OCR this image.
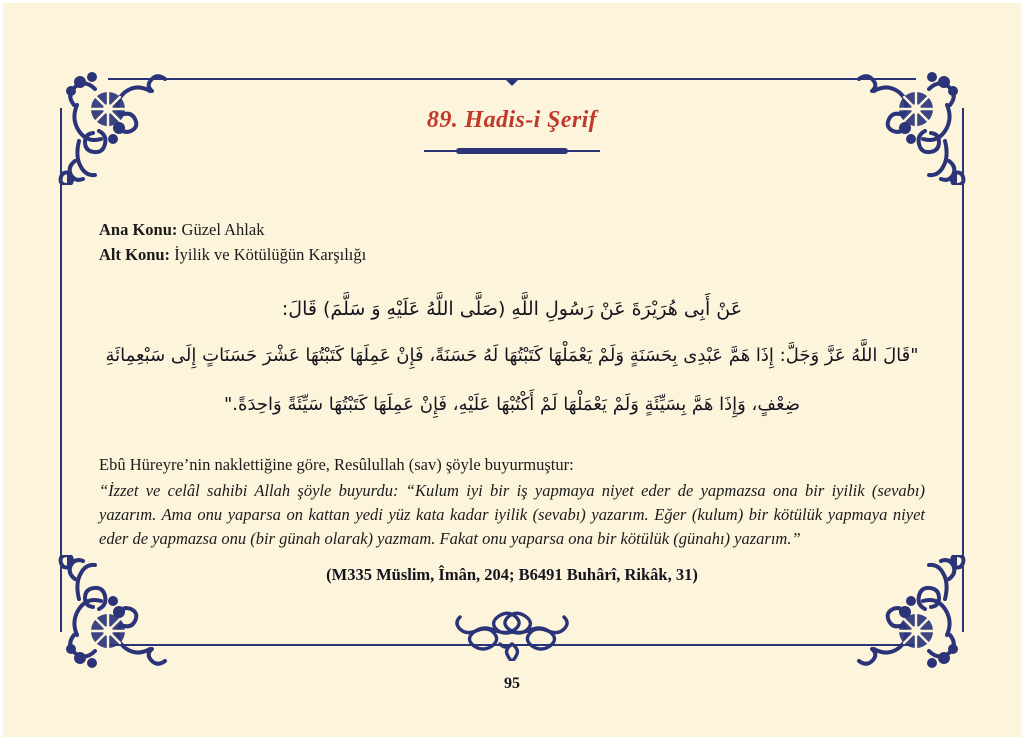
89. Hadis-i Şerif
Ana Konu: Güzel Ahlak
Alt Konu: İyilik ve Kötülüğün Karşılığı
عَنْ أَبِى هُرَيْرَةَ عَنْ رَسُولِ اللَّهِ (صَلَّى اللَّهُ عَلَيْهِ وَ سَلَّمَ) قَالَ:
"قَالَ اللَّهُ عَزَّ وَجَلَّ: إِذَا هَمَّ عَبْدِى بِحَسَنَةٍ وَلَمْ يَعْمَلْهَا كَتَبْتُهَا لَهُ حَسَنَةً، فَإِنْ عَمِلَهَا كَتَبْتُهَا عَشْرَ حَسَنَاتٍ إِلَى سَبْعِمِائَةِ
ضِعْفٍ، وَإِذَا هَمَّ بِسَيِّئَةٍ وَلَمْ يَعْمَلْهَا لَمْ أَكْتُبْهَا عَلَيْهِ، فَإِنْ عَمِلَهَا كَتَبْتُهَا سَيِّئَةً وَاحِدَةً."
Ebû Hüreyre’nin naklettiğine göre, Resûlullah (sav) şöyle buyurmuştur:
“İzzet ve celâl sahibi Allah şöyle buyurdu: “Kulum iyi bir iş yapmaya niyet eder de yapmazsa ona bir iyilik (sevabı) yazarım. Ama onu yaparsa on kattan yedi yüz kata kadar iyilik (sevabı) yazarım. Eğer (kulum) bir kötülük yapmaya niyet eder de yapmazsa onu (bir günah olarak) yazmam. Fakat onu yaparsa ona bir kötülük (günahı) yazarım.”
(M335 Müslim, Îmân, 204; B6491 Buhârî, Rikâk, 31)
95
